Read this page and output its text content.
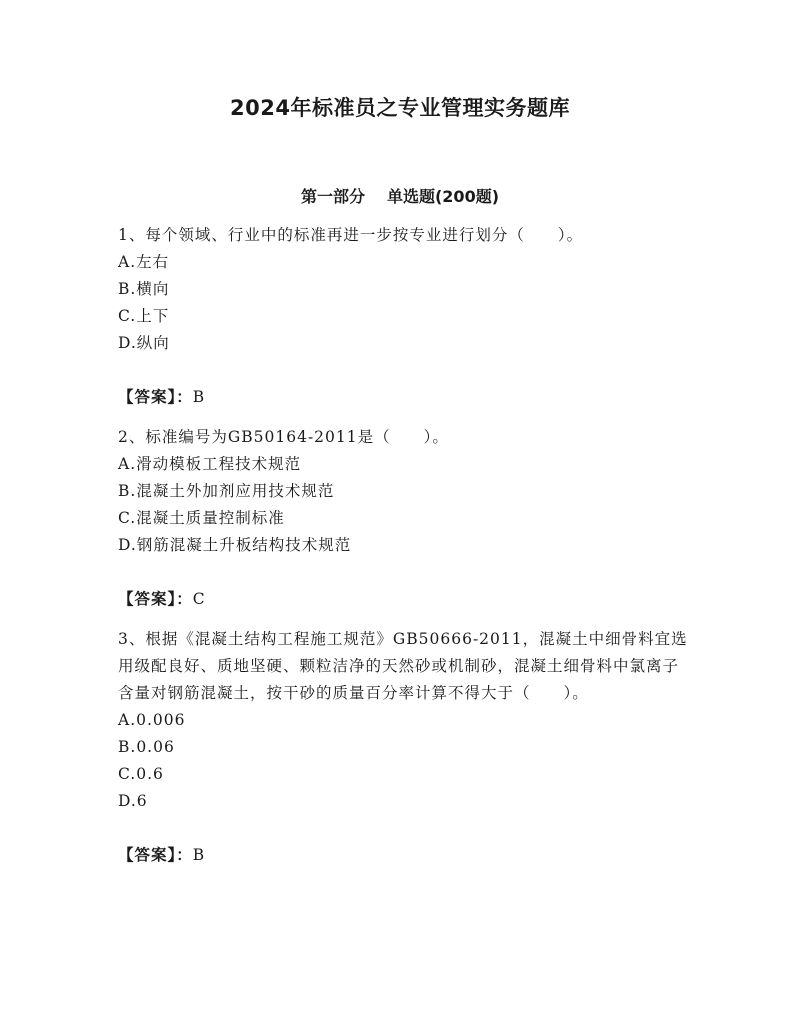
2024年标准员之专业管理实务题库
第一部分 单选题(200题)
1、每个领域、行业中的标准再进一步按专业进行划分（　　）。
A.左右
B.横向
C.上下
D.纵向
【答案】：B
2、标准编号为GB50164-2011是（　　）。
A.滑动模板工程技术规范
B.混凝土外加剂应用技术规范
C.混凝土质量控制标准
D.钢筋混凝土升板结构技术规范
【答案】：C
3、根据《混凝土结构工程施工规范》GB50666-2011，混凝土中细骨料宜选用级配良好、质地坚硬、颗粒洁净的天然砂或机制砂，混凝土细骨料中氯离子含量对钢筋混凝土，按干砂的质量百分率计算不得大于（　　）。
A.0.006
B.0.06
C.0.6
D.6
【答案】：B
